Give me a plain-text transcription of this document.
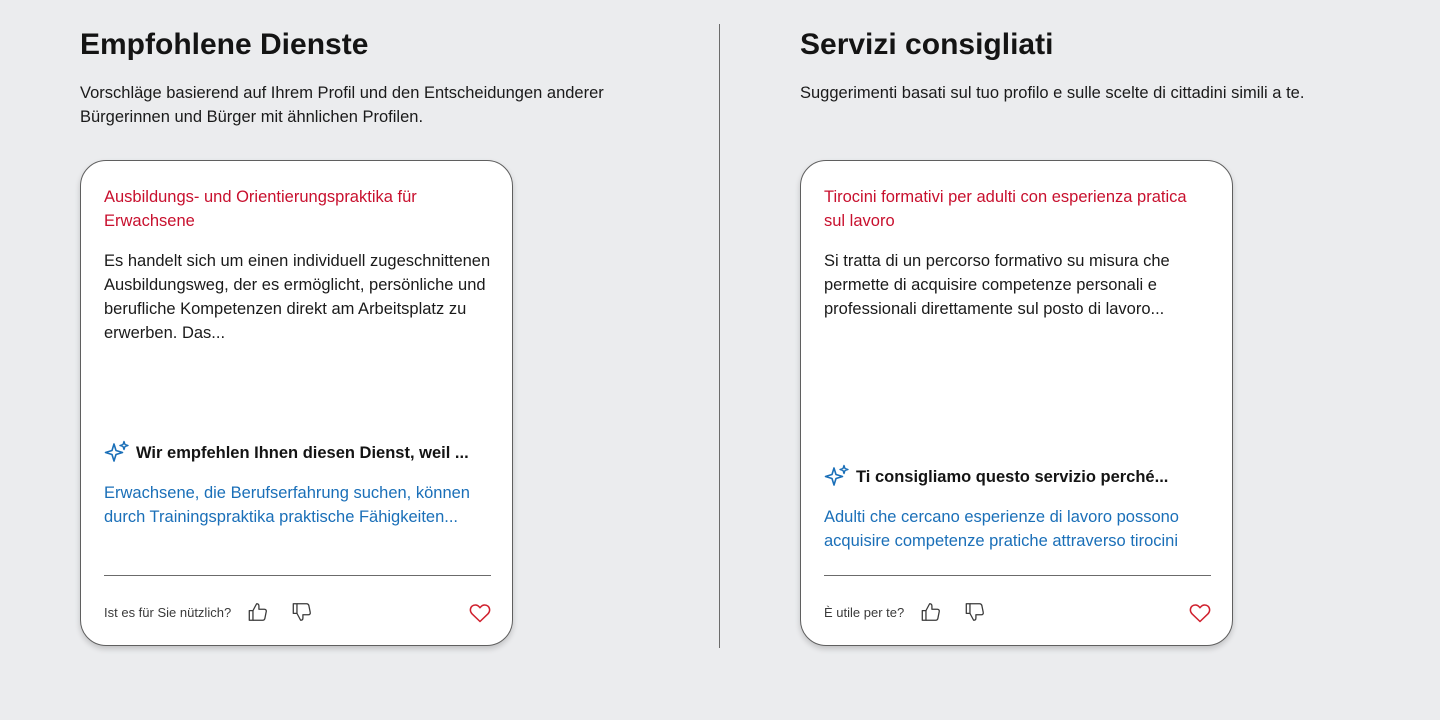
Empfohlene Dienste

Vorschläge basierend auf Ihrem Profil und den Entscheidungen anderer Bürgerinnen und Bürger mit ähnlichen Profilen.

Ausbildungs- und Orientierungspraktika für Erwachsene

Es handelt sich um einen individuell zugeschnittenen Ausbildungsweg, der es ermöglicht, persönliche und berufliche Kompetenzen direkt am Arbeitsplatz zu erwerben. Das...

Wir empfehlen Ihnen diesen Dienst, weil ...

Erwachsene, die Berufserfahrung suchen, können durch Trainingspraktika praktische Fähigkeiten...

Ist es für Sie nützlich?
Servizi consigliati

Suggerimenti basati sul tuo profilo e sulle scelte di cittadini simili a te.

Tirocini formativi per adulti con esperienza pratica sul lavoro

Si tratta di un percorso formativo su misura che permette di acquisire competenze personali e professionali direttamente sul posto di lavoro...

Ti consigliamo questo servizio perché...

Adulti che cercano esperienze di lavoro possono acquisire competenze pratiche attraverso tirocini

È utile per te?
